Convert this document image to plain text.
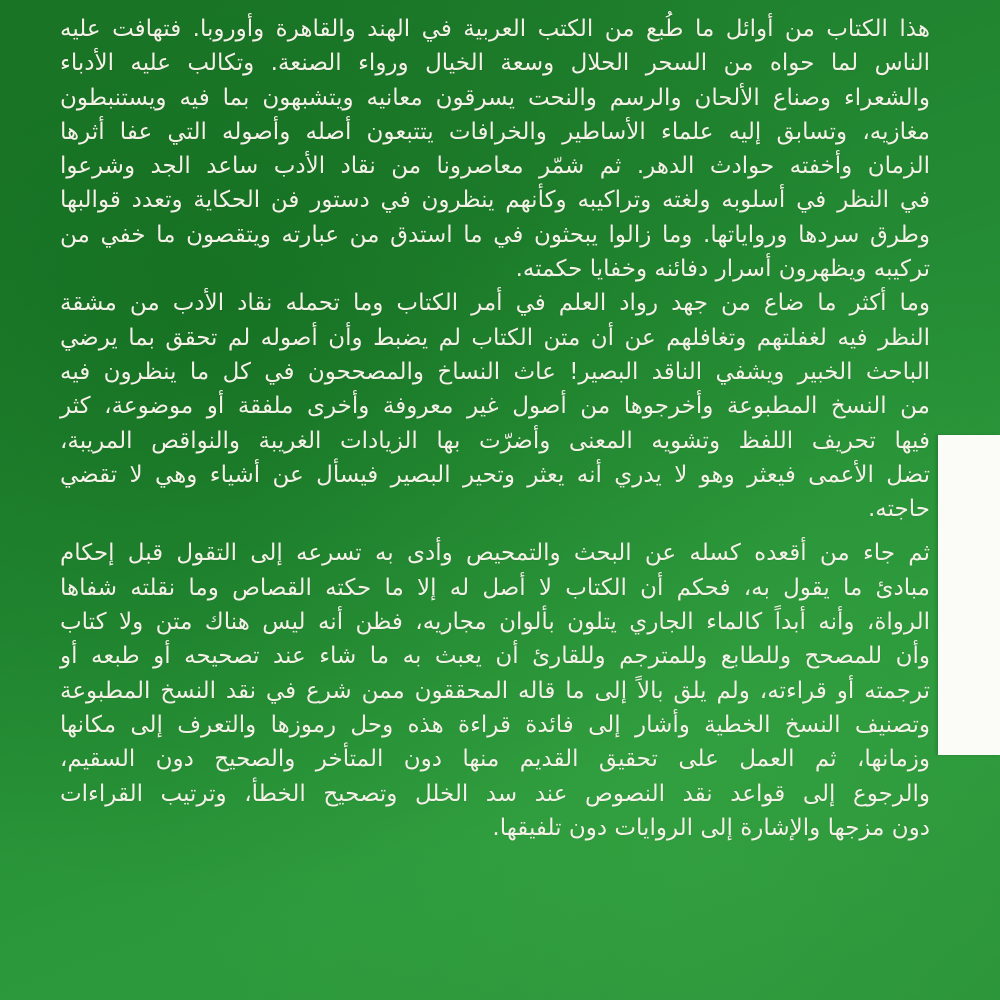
هذا الكتاب من أوائل ما طُبع من الكتب العربية في الهند والقاهرة وأوروبا. فتهافت عليه
الناس لما حواه من السحر الحلال وسعة الخيال ورواء الصنعة. وتكالب عليه الأدباء
والشعراء وصناع الألحان والرسم والنحت يسرقون معانيه ويتشبهون بما فيه ويستنبطون
مغازيه، وتسابق إليه علماء الأساطير والخرافات يتتبعون أصله وأصوله التي عفا أثرها
الزمان وأخفته حوادث الدهر. ثم شمّر معاصرونا من نقاد الأدب ساعد الجد وشرعوا
في النظر في أسلوبه ولغته وتراكيبه وكأنهم ينظرون في دستور فن الحكاية وتعدد قوالبها
وطرق سردها ورواياتها. وما زالوا يبحثون في ما استدق من عبارته ويتقصون ما خفي من
تركيبه ويظهرون أسرار دفائنه وخفايا حكمته.
وما أكثر ما ضاع من جهد رواد العلم في أمر الكتاب وما تحمله نقاد الأدب من مشقة
النظر فيه لغفلتهم وتغافلهم عن أن متن الكتاب لم يضبط وأن أصوله لم تحقق بما يرضي
الباحث الخبير ويشفي الناقد البصير! عاث النساخ والمصححون في كل ما ينظرون فيه
من النسخ المطبوعة وأخرجوها من أصول غير معروفة وأخرى ملفقة أو موضوعة، كثر
فيها تحريف اللفظ وتشويه المعنى وأضرّت بها الزيادات الغريبة والنواقص المريبة،
تضل الأعمى فيعثر وهو لا يدري أنه يعثر وتحير البصير فيسأل عن أشياء وهي لا تقضي
حاجته.
ثم جاء من أقعده كسله عن البحث والتمحيص وأدى به تسرعه إلى التقول قبل إحكام
مبادئ ما يقول به، فحكم أن الكتاب لا أصل له إلا ما حكته القصاص وما نقلته شفاها
الرواة، وأنه أبداً كالماء الجاري يتلون بألوان مجاريه، فظن أنه ليس هناك متن ولا كتاب
وأن للمصحح وللطابع وللمترجم وللقارئ أن يعبث به ما شاء عند تصحيحه أو طبعه أو
ترجمته أو قراءته، ولم يلق بالاً إلى ما قاله المحققون ممن شرع في نقد النسخ المطبوعة
وتصنيف النسخ الخطية وأشار إلى فائدة قراءة هذه وحل رموزها والتعرف إلى مكانها
وزمانها، ثم العمل على تحقيق القديم منها دون المتأخر والصحيح دون السقيم،
والرجوع إلى قواعد نقد النصوص عند سد الخلل وتصحيح الخطأ، وترتيب القراءات
دون مزجها والإشارة إلى الروايات دون تلفيقها.
